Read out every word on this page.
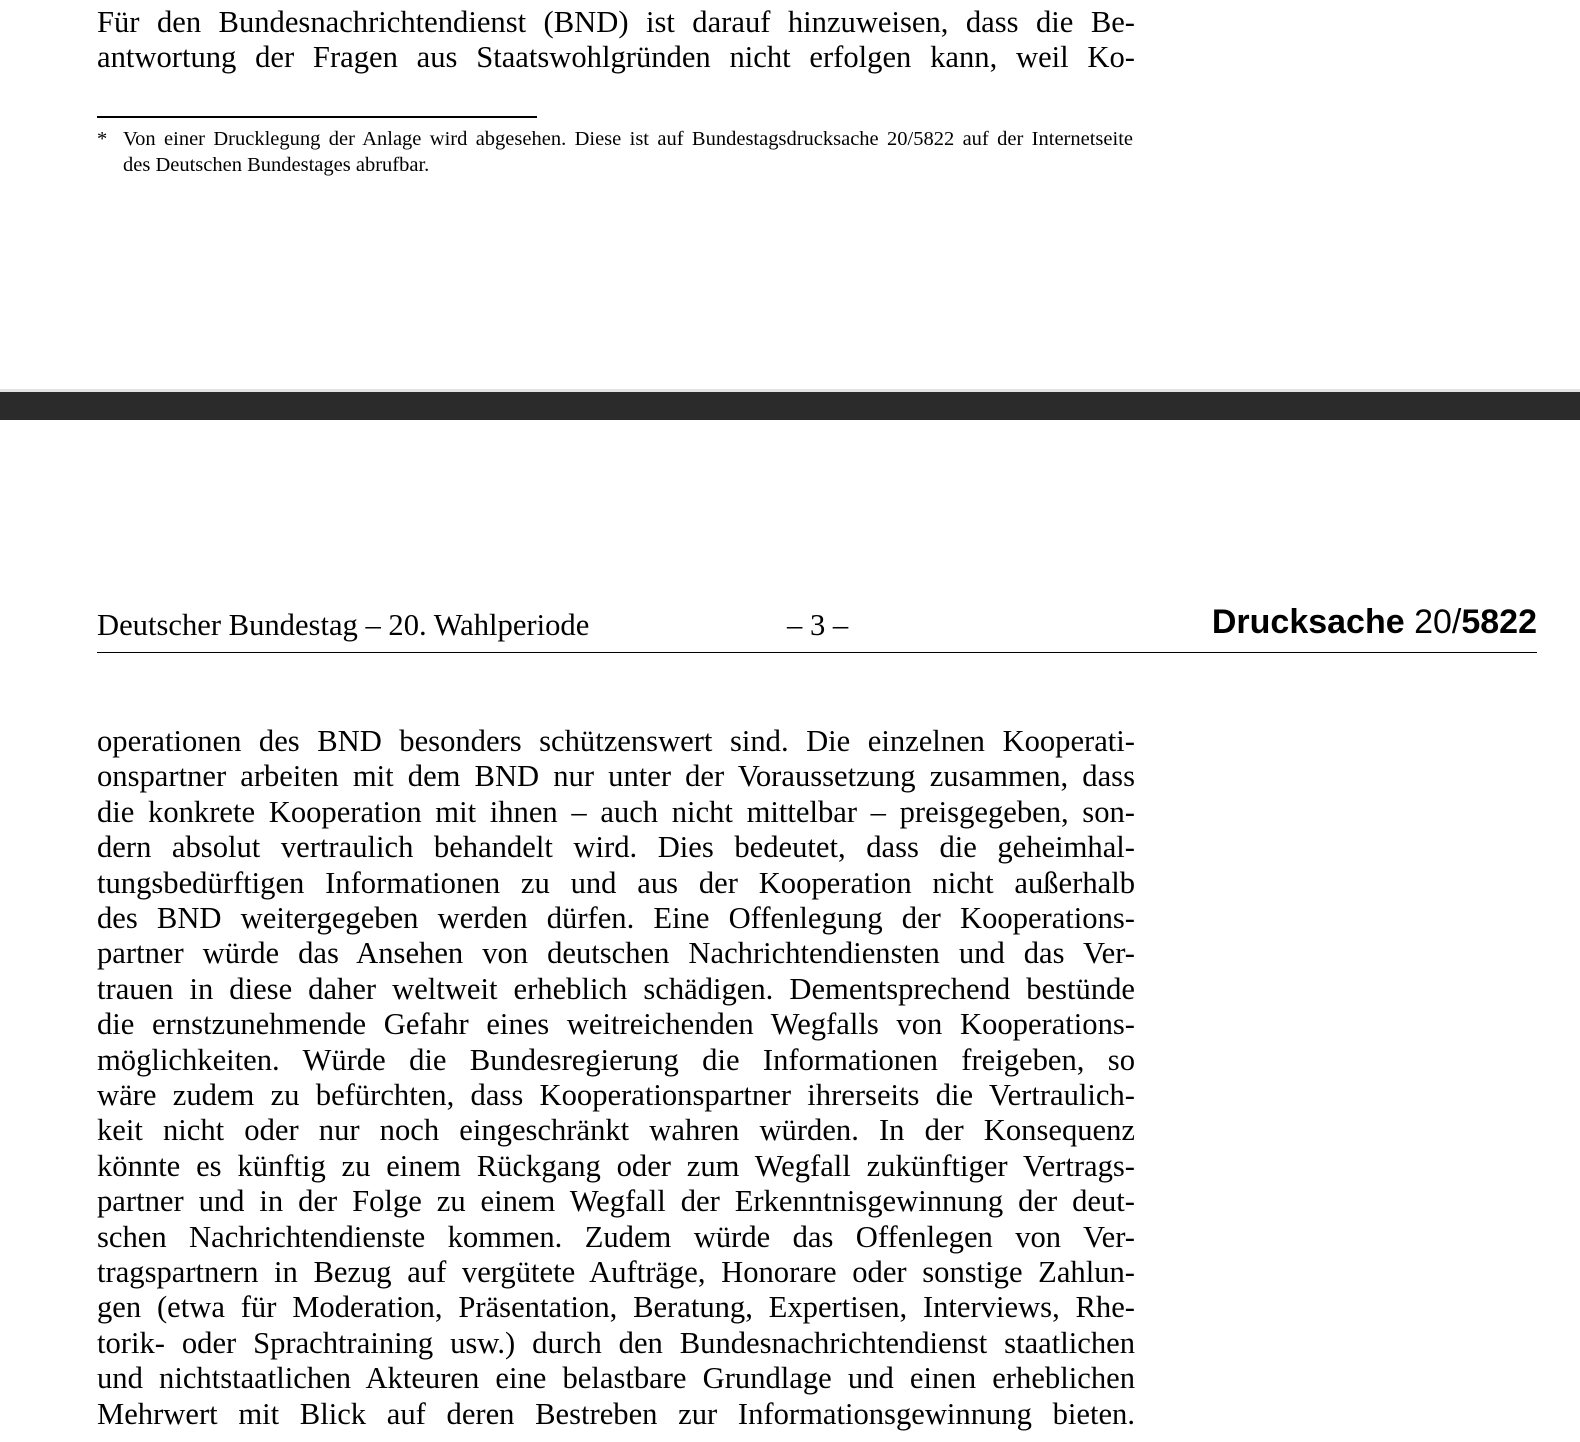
Für den Bundesnachrichtendienst (BND) ist darauf hinzuweisen, dass die Be-
antwortung der Fragen aus Staatswohlgründen nicht erfolgen kann, weil Ko-
* Von einer Drucklegung der Anlage wird abgesehen. Diese ist auf Bundestagsdrucksache 20/5822 auf der Internetseite
des Deutschen Bundestages abrufbar.
Deutscher Bundestag – 20. Wahlperiode	– 3 –	Drucksache 20/5822
operationen des BND besonders schützenswert sind. Die einzelnen Kooperati-
onspartner arbeiten mit dem BND nur unter der Voraussetzung zusammen, dass
die konkrete Kooperation mit ihnen – auch nicht mittelbar – preisgegeben, son-
dern absolut vertraulich behandelt wird. Dies bedeutet, dass die geheimhal-
tungsbedürftigen Informationen zu und aus der Kooperation nicht außerhalb
des BND weitergegeben werden dürfen. Eine Offenlegung der Kooperations-
partner würde das Ansehen von deutschen Nachrichtendiensten und das Ver-
trauen in diese daher weltweit erheblich schädigen. Dementsprechend bestünde
die ernstzunehmende Gefahr eines weitreichenden Wegfalls von Kooperations-
möglichkeiten. Würde die Bundesregierung die Informationen freigeben, so
wäre zudem zu befürchten, dass Kooperationspartner ihrerseits die Vertraulich-
keit nicht oder nur noch eingeschränkt wahren würden. In der Konsequenz
könnte es künftig zu einem Rückgang oder zum Wegfall zukünftiger Vertrags-
partner und in der Folge zu einem Wegfall der Erkenntnisgewinnung der deut-
schen Nachrichtendienste kommen. Zudem würde das Offenlegen von Ver-
tragspartnern in Bezug auf vergütete Aufträge, Honorare oder sonstige Zahlun-
gen (etwa für Moderation, Präsentation, Beratung, Expertisen, Interviews, Rhe-
torik- oder Sprachtraining usw.) durch den Bundesnachrichtendienst staatlichen
und nichtstaatlichen Akteuren eine belastbare Grundlage und einen erheblichen
Mehrwert mit Blick auf deren Bestreben zur Informationsgewinnung bieten.
